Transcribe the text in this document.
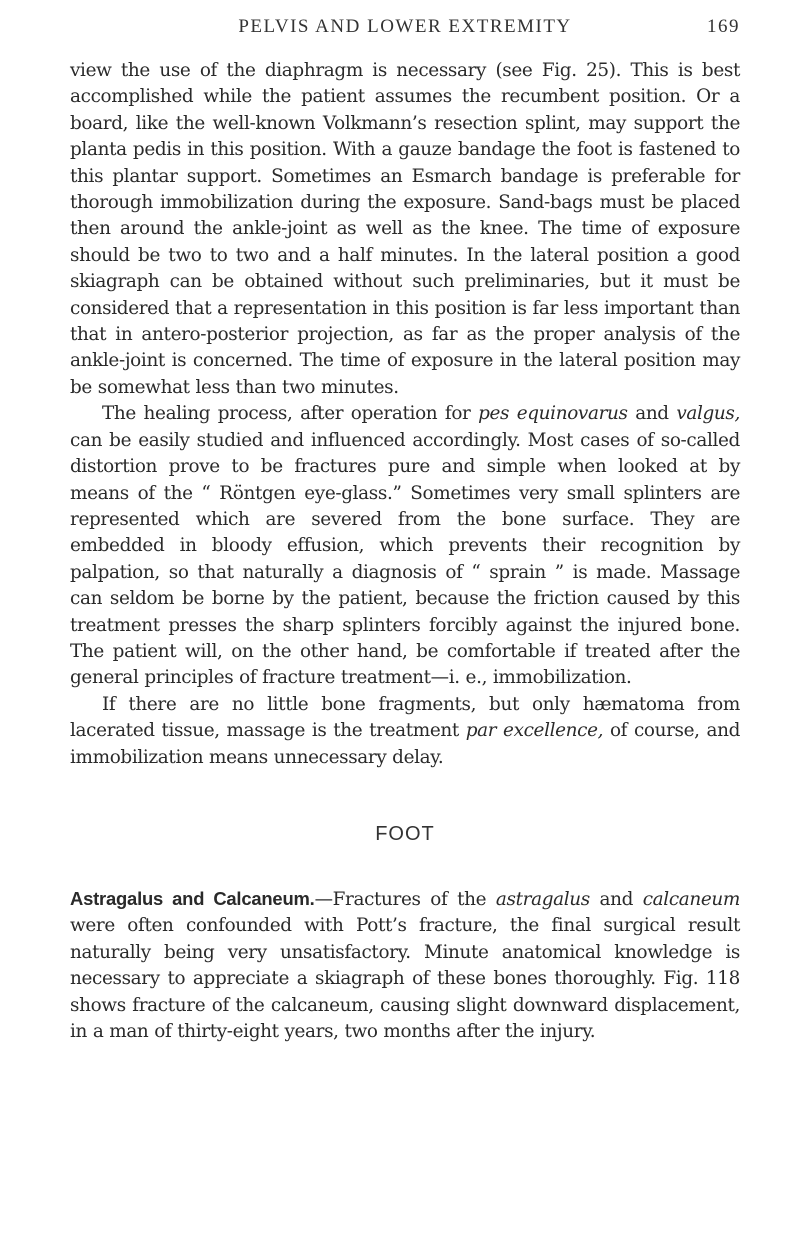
PELVIS AND LOWER EXTREMITY	169

view the use of the diaphragm is necessary (see Fig. 25). This is best accomplished while the patient assumes the recumbent position. Or a board, like the well-known Volkmann’s resection splint, may support the planta pedis in this position. With a gauze bandage the foot is fastened to this plantar support. Sometimes an Esmarch bandage is preferable for thorough immobilization during the exposure. Sand-bags must be placed then around the ankle-joint as well as the knee. The time of exposure should be two to two and a half minutes. In the lateral position a good skiagraph can be obtained without such preliminaries, but it must be considered that a representation in this position is far less important than that in antero-posterior projection, as far as the proper analysis of the ankle-joint is concerned. The time of exposure in the lateral position may be somewhat less than two minutes.

The healing process, after operation for pes equinovarus and valgus, can be easily studied and influenced accordingly. Most cases of so-called distortion prove to be fractures pure and simple when looked at by means of the “ Röntgen eye-glass.” Sometimes very small splinters are represented which are severed from the bone surface. They are embedded in bloody effusion, which prevents their recognition by palpation, so that naturally a diagnosis of “ sprain ” is made. Massage can seldom be borne by the patient, because the friction caused by this treatment presses the sharp splinters forcibly against the injured bone. The patient will, on the other hand, be comfortable if treated after the general principles of fracture treatment—i. e., immobilization.

If there are no little bone fragments, but only hæmatoma from lacerated tissue, massage is the treatment par excellence, of course, and immobilization means unnecessary delay.

FOOT

Astragalus and Calcaneum.—Fractures of the astragalus and calcaneum were often confounded with Pott’s fracture, the final surgical result naturally being very unsatisfactory. Minute anatomical knowledge is necessary to appreciate a skiagraph of these bones thoroughly. Fig. 118 shows fracture of the calcaneum, causing slight downward displacement, in a man of thirty-eight years, two months after the injury.
